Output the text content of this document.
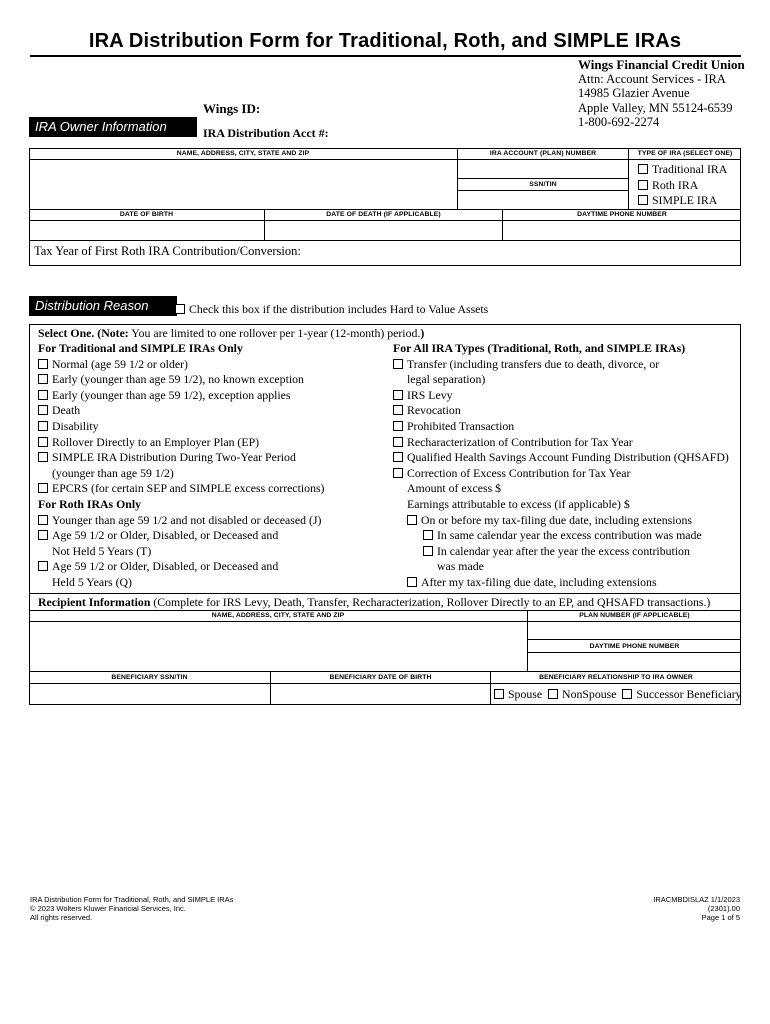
IRA Distribution Form for Traditional, Roth, and SIMPLE IRAs
Wings Financial Credit Union
Attn: Account Services - IRA
14985 Glazier Avenue
Apple Valley, MN 55124-6539
1-800-692-2274
Wings ID:
IRA Owner Information	IRA Distribution Acct #:
NAME, ADDRESS, CITY, STATE AND ZIP	IRA ACCOUNT (PLAN) NUMBER	TYPE OF IRA (SELECT ONE)
SSN/TIN
Traditional IRA
Roth IRA
SIMPLE IRA
DATE OF BIRTH	DATE OF DEATH (IF APPLICABLE)	DAYTIME PHONE NUMBER
Tax Year of First Roth IRA Contribution/Conversion:
Distribution Reason	Check this box if the distribution includes Hard to Value Assets
Select One. (Note: You are limited to one rollover per 1-year (12-month) period.)
For Traditional and SIMPLE IRAs Only
Normal (age 59 1/2 or older)
Early (younger than age 59 1/2), no known exception
Early (younger than age 59 1/2), exception applies
Death
Disability
Rollover Directly to an Employer Plan (EP)
SIMPLE IRA Distribution During Two-Year Period
(younger than age 59 1/2)
EPCRS (for certain SEP and SIMPLE excess corrections)
For Roth IRAs Only
Younger than age 59 1/2 and not disabled or deceased (J)
Age 59 1/2 or Older, Disabled, or Deceased and
Not Held 5 Years (T)
Age 59 1/2 or Older, Disabled, or Deceased and
Held 5 Years (Q)
For All IRA Types (Traditional, Roth, and SIMPLE IRAs)
Transfer (including transfers due to death, divorce, or
legal separation)
IRS Levy
Revocation
Prohibited Transaction
Recharacterization of Contribution for Tax Year
Qualified Health Savings Account Funding Distribution (QHSAFD)
Correction of Excess Contribution for Tax Year
Amount of excess $
Earnings attributable to excess (if applicable) $
On or before my tax-filing due date, including extensions
In same calendar year the excess contribution was made
In calendar year after the year the excess contribution
was made
After my tax-filing due date, including extensions
Recipient Information (Complete for IRS Levy, Death, Transfer, Recharacterization, Rollover Directly to an EP, and QHSAFD transactions.)
NAME, ADDRESS, CITY, STATE AND ZIP	PLAN NUMBER (IF APPLICABLE)
DAYTIME PHONE NUMBER
BENEFICIARY SSN/TIN	BENEFICIARY DATE OF BIRTH	BENEFICIARY RELATIONSHIP TO IRA OWNER
Spouse NonSpouse Successor Beneficiary
IRA Distribution Form for Traditional, Roth, and SIMPLE IRAs
© 2023 Wolters Kluwer Financial Services, Inc.
All rights reserved.
IRACMBDISLAZ 1/1/2023
(2301).00
Page 1 of 5
